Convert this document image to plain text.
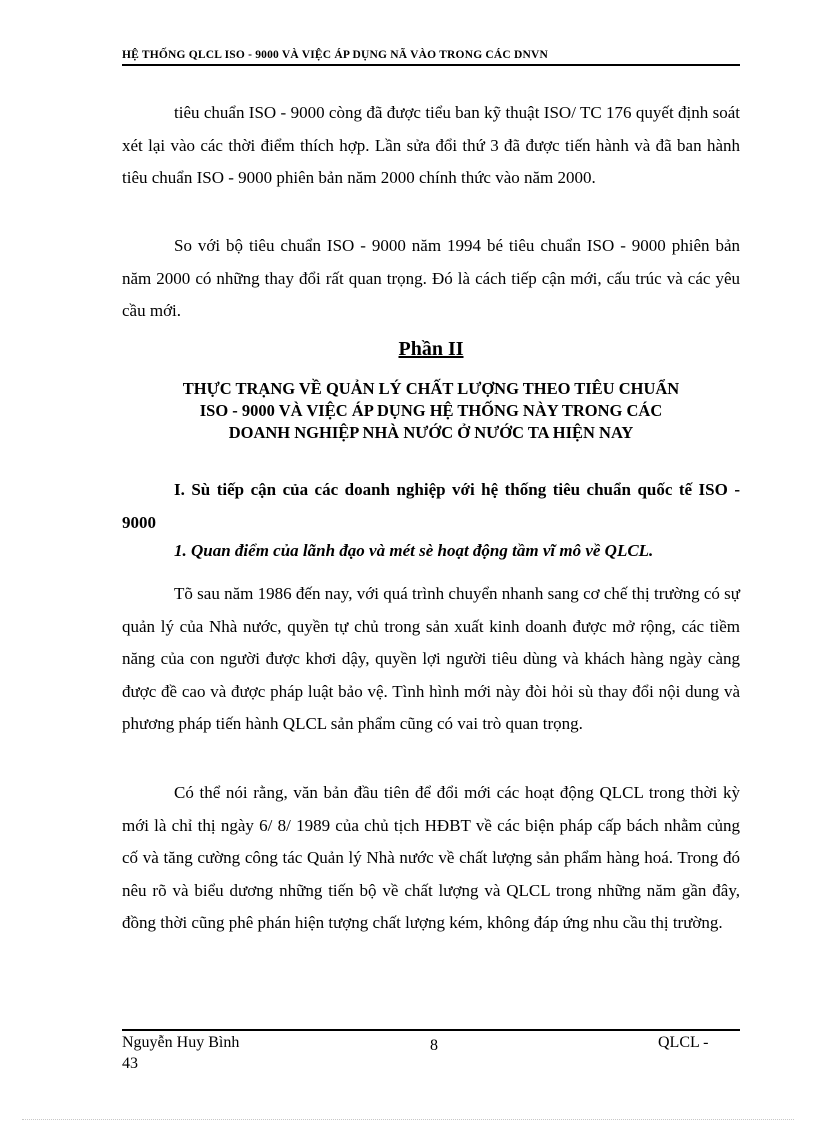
HỆ THỐNG QLCL ISO - 9000 VÀ VIỆC ÁP DỤNG NÃ VÀO TRONG CÁC DNVN

tiêu chuẩn ISO - 9000 còng đã được tiểu ban kỹ thuật ISO/ TC 176 quyết định soát xét lại vào các thời điểm thích hợp. Lần sửa đổi thứ 3 đã được tiến hành và đã ban hành tiêu chuẩn ISO - 9000 phiên bản năm 2000 chính thức vào năm 2000.

So với bộ tiêu chuẩn ISO - 9000 năm 1994 bé tiêu chuẩn ISO - 9000 phiên bản năm 2000 có những thay đổi rất quan trọng. Đó là cách tiếp cận mới, cấu trúc và các yêu cầu mới.

Phần II
THỰC TRẠNG VỀ QUẢN LÝ CHẤT LƯỢNG THEO TIÊU CHUẨN
ISO - 9000 VÀ VIỆC ÁP DỤNG HỆ THỐNG NÀY TRONG CÁC
DOANH NGHIỆP NHÀ NƯỚC Ở NƯỚC TA HIỆN NAY
I. Sù tiếp cận của các doanh nghiệp với hệ thống tiêu chuẩn quốc tế ISO - 9000
1. Quan điểm của lãnh đạo và mét sè hoạt động tầm vĩ mô về QLCL.

Tõ sau năm 1986 đến nay, với quá trình chuyển nhanh sang cơ chế thị trường có sự quản lý của Nhà nước, quyền tự chủ trong sản xuất kinh doanh được mở rộng, các tiềm năng của con người được khơi dậy, quyền lợi người tiêu dùng và khách hàng ngày càng được đề cao và được pháp luật bảo vệ. Tình hình mới này đòi hỏi sù thay đổi nội dung và phương pháp tiến hành QLCL sản phẩm cũng có vai trò quan trọng.

Có thể nói rằng, văn bản đầu tiên để đổi mới các hoạt động QLCL trong thời kỳ mới là chỉ thị ngày 6/ 8/ 1989 của chủ tịch HĐBT về các biện pháp cấp bách nhằm củng cố và tăng cường công tác Quản lý Nhà nước về chất lượng sản phẩm hàng hoá. Trong đó nêu rõ và biểu dương những tiến bộ về chất lượng và QLCL trong những năm gần đây, đồng thời cũng phê phán hiện tượng chất lượng kém, không đáp ứng nhu cầu thị trường.

Nguyễn Huy Bình	8	QLCL -
43
